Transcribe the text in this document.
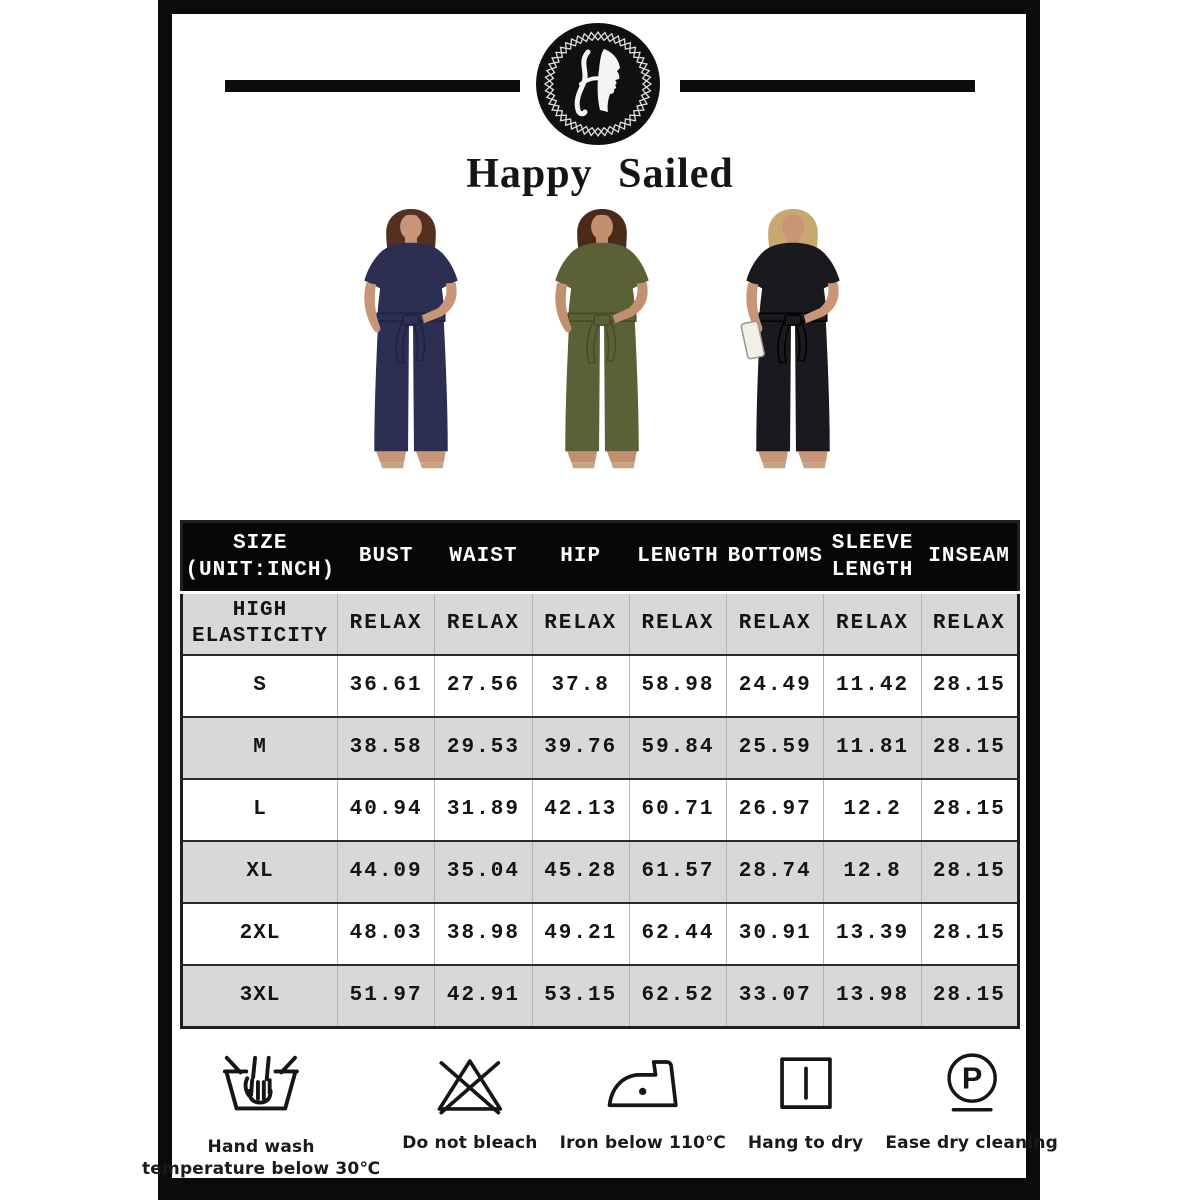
Happy Sailed
SIZE (UNIT:INCH)	BUST	WAIST	HIP	LENGTH	BOTTOMS	SLEEVE LENGTH	INSEAM
HIGH ELASTICITY	RELAX	RELAX	RELAX	RELAX	RELAX	RELAX	RELAX
S	36.61	27.56	37.8	58.98	24.49	11.42	28.15
M	38.58	29.53	39.76	59.84	25.59	11.81	28.15
L	40.94	31.89	42.13	60.71	26.97	12.2	28.15
XL	44.09	35.04	45.28	61.57	28.74	12.8	28.15
2XL	48.03	38.98	49.21	62.44	30.91	13.39	28.15
3XL	51.97	42.91	53.15	62.52	33.07	13.98	28.15
Hand wash
temperature below 30℃
Do not bleach Iron below 110℃ Hang to dry
P
Ease dry cleaning
